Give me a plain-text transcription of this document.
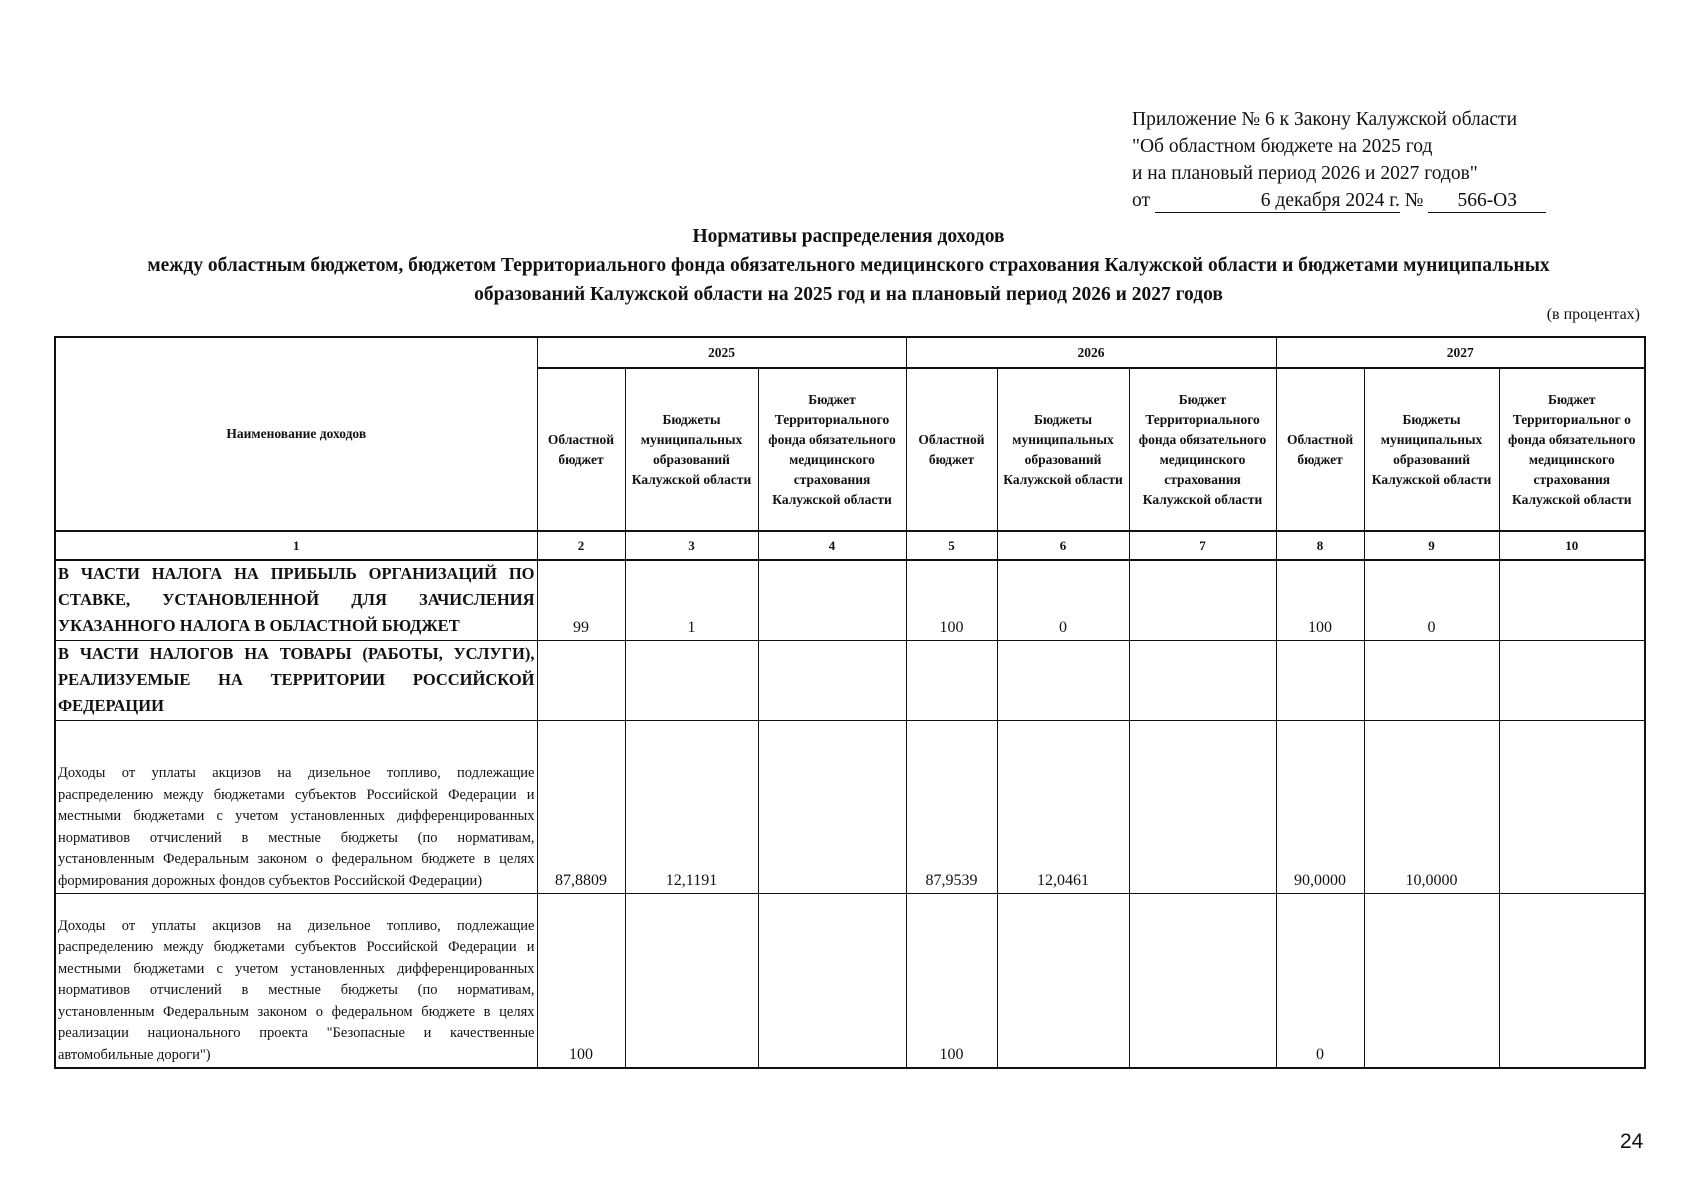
Приложение № 6 к Закону Калужской области
"Об областном бюджете на 2025 год
и на плановый период 2026 и 2027 годов"
от	6 декабря 2024 г. № 566-ОЗ
Нормативы распределения доходов
между областным бюджетом, бюджетом Территориального фонда обязательного медицинского страхования Калужской области и бюджетами муниципальных
образований Калужской области на 2025 год и на плановый период 2026 и 2027 годов
(в процентах)
Наименование доходов	2025			2026			2027		
	Областной бюджет	Бюджеты муниципальных образований Калужской области	Бюджет Территориального фонда обязательного медицинского страхования Калужской области	Областной бюджет	Бюджеты муниципальных образований Калужской области	Бюджет Территориального фонда обязательного медицинского страхования Калужской области	Областной бюджет	Бюджеты муниципальных образований Калужской области	Бюджет Территориальног о фонда обязательного медицинского страхования Калужской области
1	2	3	4	5	6	7	8	9	10
В ЧАСТИ НАЛОГА НА ПРИБЫЛЬ ОРГАНИЗАЦИЙ ПО СТАВКЕ, УСТАНОВЛЕННОЙ ДЛЯ ЗАЧИСЛЕНИЯ УКАЗАННОГО НАЛОГА В ОБЛАСТНОЙ БЮДЖЕТ	99	1		100	0		100	0	
В ЧАСТИ НАЛОГОВ НА ТОВАРЫ (РАБОТЫ, УСЛУГИ), РЕАЛИЗУЕМЫЕ НА ТЕРРИТОРИИ РОССИЙСКОЙ ФЕДЕРАЦИИ									
Доходы от уплаты акцизов на дизельное топливо, подлежащие распределению между бюджетами субъектов Российской Федерации и местными бюджетами с учетом установленных дифференцированных нормативов отчислений в местные бюджеты (по нормативам, установленным Федеральным законом о федеральном бюджете в целях формирования дорожных фондов субъектов Российской Федерации)	87,8809	12,1191		87,9539	12,0461		90,0000	10,0000	
Доходы от уплаты акцизов на дизельное топливо, подлежащие распределению между бюджетами субъектов Российской Федерации и местными бюджетами с учетом установленных дифференцированных нормативов отчислений в местные бюджеты (по нормативам, установленным Федеральным законом о федеральном бюджете в целях реализации национального проекта "Безопасные и качественные автомобильные дороги")	100			100			0		
24
